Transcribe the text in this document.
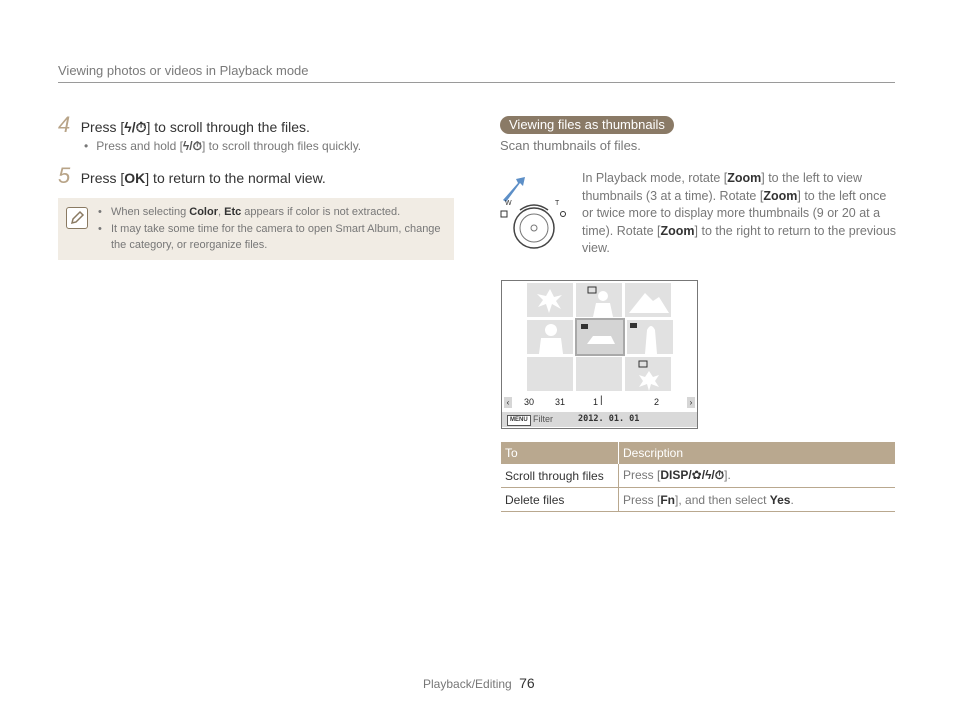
Viewing photos or videos in Playback mode
4 Press [ϟ/⏱] to scroll through the files.
• Press and hold [ϟ/⏱] to scroll through files quickly.
5 Press [OK] to return to the normal view.
• When selecting Color, Etc appears if color is not extracted.
• It may take some time for the camera to open Smart Album, change the category, or reorganize files.
Viewing files as thumbnails
Scan thumbnails of files.
W	T
In Playback mode, rotate [Zoom] to the left to view thumbnails (3 at a time). Rotate [Zoom] to the left once or twice more to display more thumbnails (9 or 20 at a time). Rotate [Zoom] to the right to return to the previous view.
‹ 30 31	1 |	2	›
MENU Filter	2012. 01. 01
To	Description
Scroll through files	Press [DISP/✿/ϟ/⏱].
Delete files	Press [Fn], and then select Yes.
Playback/Editing 76
